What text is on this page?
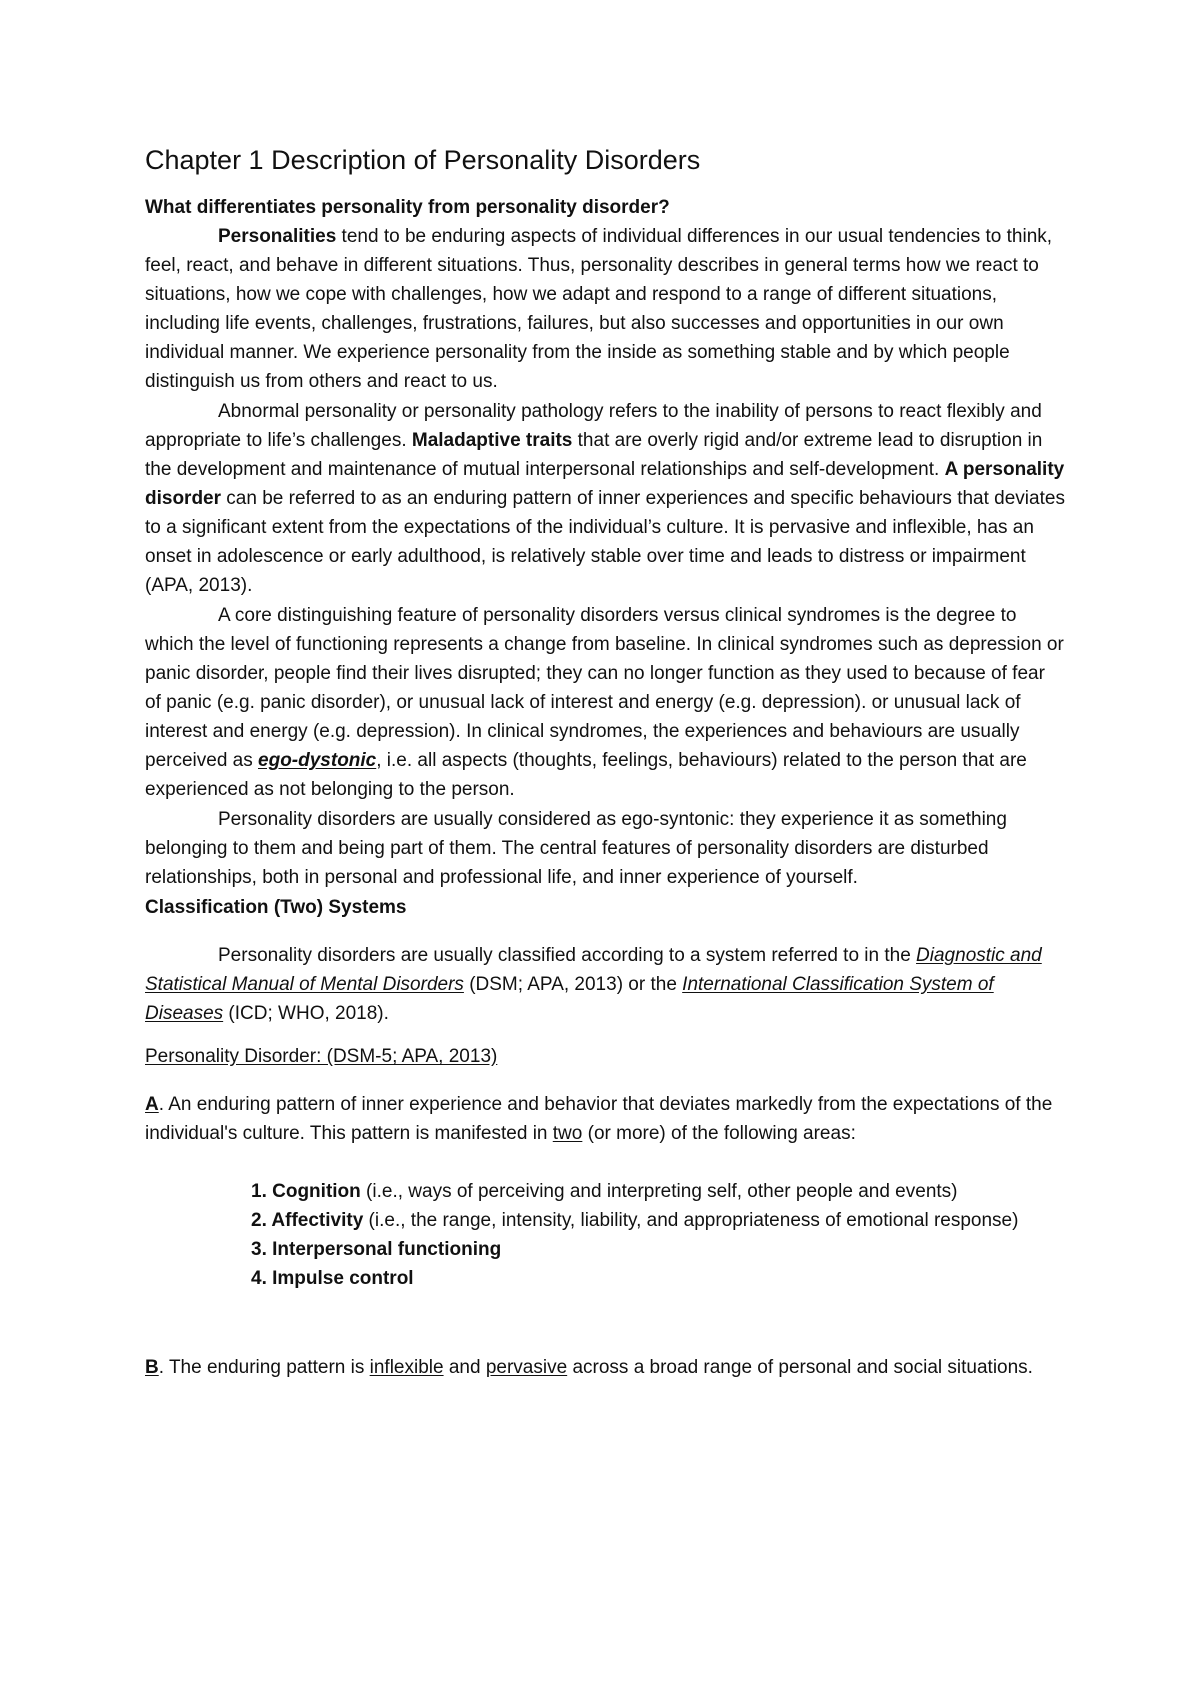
Chapter 1 Description of Personality Disorders

What differentiates personality from personality disorder?

Personalities tend to be enduring aspects of individual differences in our usual tendencies to think, feel, react, and behave in different situations. Thus, personality describes in general terms how we react to situations, how we cope with challenges, how we adapt and respond to a range of different situations, including life events, challenges, frustrations, failures, but also successes and opportunities in our own individual manner. We experience personality from the inside as something stable and by which people distinguish us from others and react to us.

Abnormal personality or personality pathology refers to the inability of persons to react flexibly and appropriate to life’s challenges. Maladaptive traits that are overly rigid and/or extreme lead to disruption in the development and maintenance of mutual interpersonal relationships and self-development. A personality disorder can be referred to as an enduring pattern of inner experiences and specific behaviours that deviates to a significant extent from the expectations of the individual’s culture. It is pervasive and inflexible, has an onset in adolescence or early adulthood, is relatively stable over time and leads to distress or impairment (APA, 2013).

A core distinguishing feature of personality disorders versus clinical syndromes is the degree to which the level of functioning represents a change from baseline. In clinical syndromes such as depression or panic disorder, people find their lives disrupted; they can no longer function as they used to because of fear of panic (e.g. panic disorder), or unusual lack of interest and energy (e.g. depression). or unusual lack of interest and energy (e.g. depression). In clinical syndromes, the experiences and behaviours are usually perceived as ego-dystonic, i.e. all aspects (thoughts, feelings, behaviours) related to the person that are experienced as not belonging to the person.

Personality disorders are usually considered as ego-syntonic: they experience it as something belonging to them and being part of them. The central features of personality disorders are disturbed relationships, both in personal and professional life, and inner experience of yourself.

Classification (Two) Systems

Personality disorders are usually classified according to a system referred to in the Diagnostic and Statistical Manual of Mental Disorders (DSM; APA, 2013) or the International Classification System of Diseases (ICD; WHO, 2018).

Personality Disorder: (DSM-5; APA, 2013)

A. An enduring pattern of inner experience and behavior that deviates markedly from the expectations of the individual's culture. This pattern is manifested in two (or more) of the following areas:

1. Cognition (i.e., ways of perceiving and interpreting self, other people and events)
2. Affectivity (i.e., the range, intensity, liability, and appropriateness of emotional response)
3. Interpersonal functioning
4. Impulse control

B. The enduring pattern is inflexible and pervasive across a broad range of personal and social situations.
